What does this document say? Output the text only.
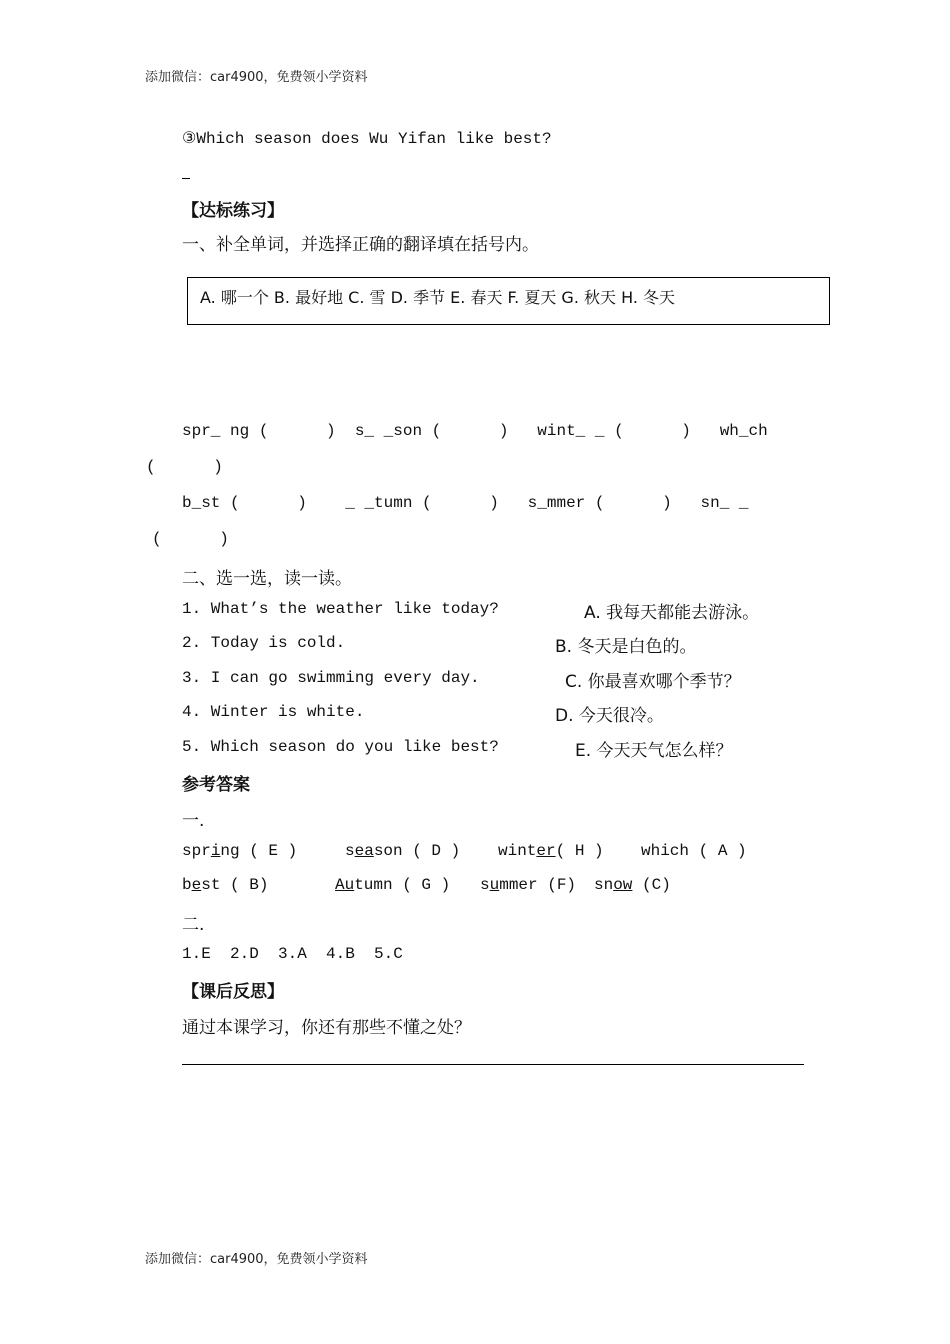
添加微信：car4900，免费领小学资料
③Which season does Wu Yifan like best?
【达标练习】
一、补全单词，并选择正确的翻译填在括号内。
A. 哪一个 B. 最好地 C. 雪 D. 季节 E. 春天 F. 夏天 G. 秋天 H. 冬天
spr_ ng (      )  s_ _son (      )   wint_ _ (      )   wh_ch
(      )
b_st (      )    _ _tumn (      )   s_mmer (      )   sn_ _
(      )
二、选一选，读一读。
1. What’s the weather like today?
2. Today is cold.
3. I can go swimming every day.
4. Winter is white.
5. Which season do you like best?
A. 我每天都能去游泳。
B. 冬天是白色的。
C. 你最喜欢哪个季节？
D. 今天很冷。
E. 今天天气怎么样？
参考答案
一.
spring ( E )	season ( D ) winter( H ) which ( A )
best ( B)	Autumn ( G ) summer (F) snow (C)
二.
1.E  2.D  3.A  4.B  5.C
【课后反思】
通过本课学习，你还有那些不懂之处？
添加微信：car4900，免费领小学资料
